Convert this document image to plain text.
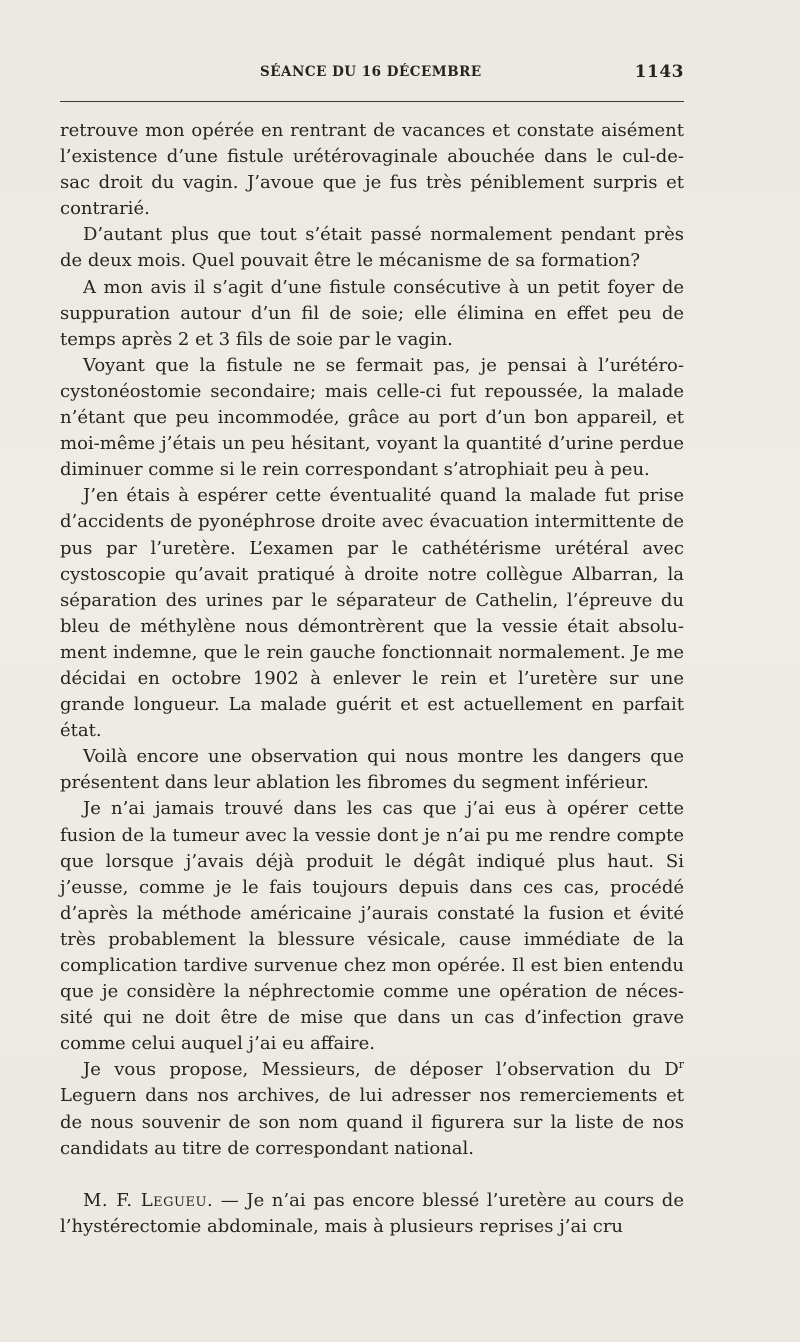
SÉANCE DU 16 DÉCEMBRE	1143

retrouve mon opérée en rentrant de vacances et constate aisément l’existence d’une fistule urétérovaginale abouchée dans le cul-de-sac droit du vagin. J’avoue que je fus très péniblement surpris et contrarié.

D’autant plus que tout s’était passé normalement pendant près de deux mois. Quel pouvait être le mécanisme de sa formation?

A mon avis il s’agit d’une fistule consécutive à un petit foyer de suppuration autour d’un fil de soie; elle élimina en effet peu de temps après 2 et 3 fils de soie par le vagin.

Voyant que la fistule ne se fermait pas, je pensai à l’urétérocystonéostomie secondaire; mais celle-ci fut repoussée, la malade n’étant que peu incommodée, grâce au port d’un bon appareil, et moi-même j’étais un peu hésitant, voyant la quantité d’urine perdue diminuer comme si le rein correspondant s’atrophiait peu à peu.

J’en étais à espérer cette éventualité quand la malade fut prise d’accidents de pyonéphrose droite avec évacuation intermittente de pus par l’uretère. L’examen par le cathétérisme urétéral avec cystoscopie qu’avait pratiqué à droite notre collègue Albarran, la séparation des urines par le séparateur de Cathelin, l’épreuve du bleu de méthylène nous démontrèrent que la vessie était absolument indemne, que le rein gauche fonctionnait normalement. Je me décidai en octobre 1902 à enlever le rein et l’uretère sur une grande longueur. La malade guérit et est actuellement en parfait état.

Voilà encore une observation qui nous montre les dangers que présentent dans leur ablation les fibromes du segment inférieur.

Je n’ai jamais trouvé dans les cas que j’ai eus à opérer cette fusion de la tumeur avec la vessie dont je n’ai pu me rendre compte que lorsque j’avais déjà produit le dégât indiqué plus haut. Si j’eusse, comme je le fais toujours depuis dans ces cas, procédé d’après la méthode américaine j’aurais constaté la fusion et évité très probablement la blessure vésicale, cause immédiate de la complication tardive survenue chez mon opérée. Il est bien entendu que je considère la néphrectomie comme une opération de nécessité qui ne doit être de mise que dans un cas d’infection grave comme celui auquel j’ai eu affaire.

Je vous propose, Messieurs, de déposer l’observation du $D^r$ Leguern dans nos archives, de lui adresser nos remerciements et de nous souvenir de son nom quand il figurera sur la liste de nos candidats au titre de correspondant national.

M. F. Legueu. — Je n’ai pas encore blessé l’uretère au cours de l’hystérectomie abdominale, mais à plusieurs reprises j’ai cru
